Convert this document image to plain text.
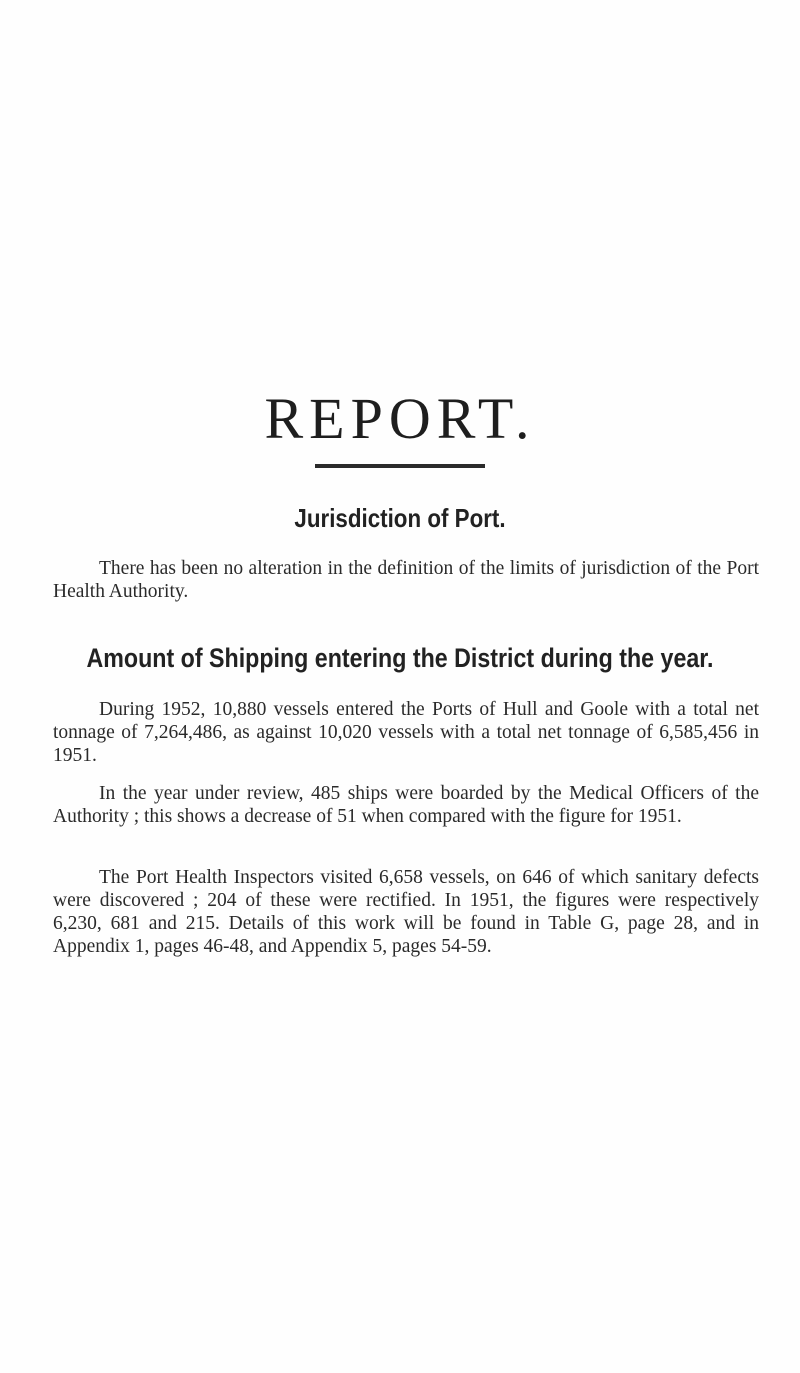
REPORT.
Jurisdiction of Port.

There has been no alteration in the definition of the limits of jurisdiction of the Port Health Authority.

Amount of Shipping entering the District during the year.

During 1952, 10,880 vessels entered the Ports of Hull and Goole with a total net tonnage of 7,264,486, as against 10,020 vessels with a total net tonnage of 6,585,456 in 1951.

In the year under review, 485 ships were boarded by the Medical Officers of the Authority ; this shows a decrease of 51 when compared with the figure for 1951.

The Port Health Inspectors visited 6,658 vessels, on 646 of which sanitary defects were discovered ; 204 of these were rectified. In 1951, the figures were respectively 6,230, 681 and 215. Details of this work will be found in Table G, page 28, and in Appendix 1, pages 46-48, and Appendix 5, pages 54-59.
